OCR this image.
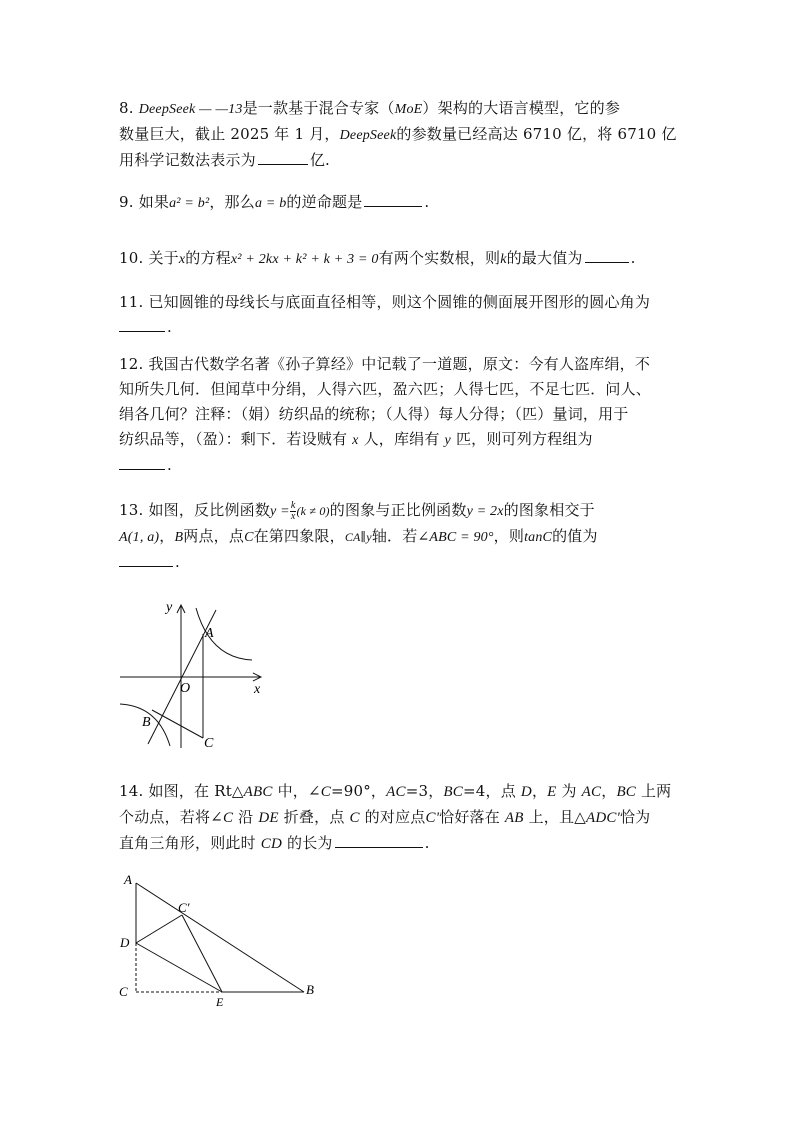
8. DeepSeek — —13是一款基于混合专家（MoE）架构的大语言模型，它的参
数量巨大，截止 2025 年 1 月，DeepSeek的参数量已经高达 6710 亿，将 6710 亿
用科学记数法表示为	亿.
9. 如果a² = b²，那么a = b的逆命题是	.
10. 关于x的方程x² + 2kx + k² + k + 3 = 0有两个实数根，则k的最大值为	.
11. 已知圆锥的母线长与底面直径相等，则这个圆锥的侧面展开图形的圆心角为
.
12. 我国古代数学名著《孙子算经》中记载了一道题，原文：今有人盗库绢，不
知所失几何．但闻草中分绢，人得六匹，盈六匹；人得七匹，不足七匹．问人、
绢各几何？注释：（娟）纺织品的统称；（人得）每人分得；（匹）量词，用于
纺织品等，（盈）：剩下．若设贼有 x 人，库绢有 y 匹，则可列方程组为
.
13. 如图，反比例函数$y = \frac{k}{x} (k \ne 0)$的图象与正比例函数y = 2x的图象相交于
A(1, a)，B两点，点C在第四象限，CA∥y轴．若∠ABC = 90°，则tanC的值为
.
y
x
A
O
B
C
14. 如图，在 Rt△ABC 中，∠C=90°，AC=3，BC=4，点 D，E 为 AC，BC 上两
个动点，若将∠C 沿 DE 折叠，点 C 的对应点C'恰好落在 AB 上，且△ADC'恰为
直角三角形，则此时 CD 的长为	.
A
C'
D
C
E
B
